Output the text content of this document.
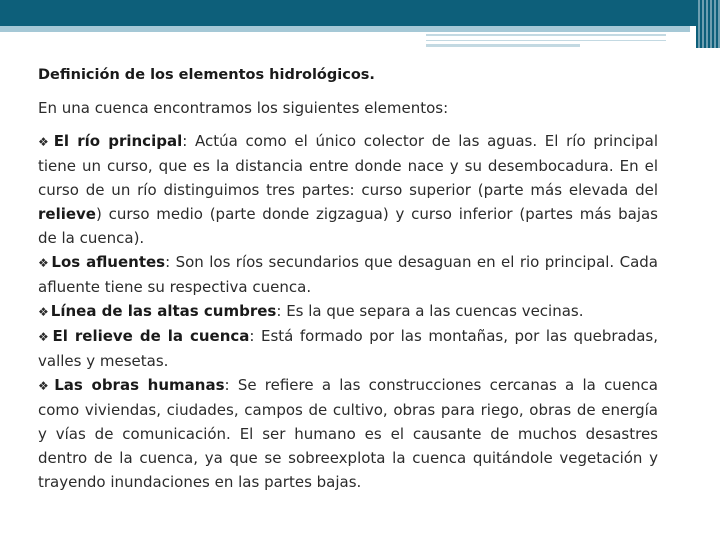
Definición de los elementos hidrológicos.

En una cuenca encontramos los siguientes elementos:

❖ El río principal: Actúa como el único colector de las aguas. El río principal tiene un curso, que es la distancia entre donde nace y su desembocadura. En el curso de un río distinguimos tres partes: curso superior (parte más elevada del relieve) curso medio (parte donde zigzagua) y curso inferior (partes más bajas de la cuenca).

❖ Los afluentes: Son los ríos secundarios que desaguan en el rio principal. Cada afluente tiene su respectiva cuenca.

❖ Línea de las altas cumbres: Es la que separa a las cuencas vecinas.

❖ El relieve de la cuenca: Está formado por las montañas, por las quebradas, valles y mesetas.

❖ Las obras humanas: Se refiere a las construcciones cercanas a la cuenca como viviendas, ciudades, campos de cultivo, obras para riego, obras de energía y vías de comunicación. El ser humano es el causante de muchos desastres dentro de la cuenca, ya que se sobreexplota la cuenca quitándole vegetación y trayendo inundaciones en las partes bajas.
